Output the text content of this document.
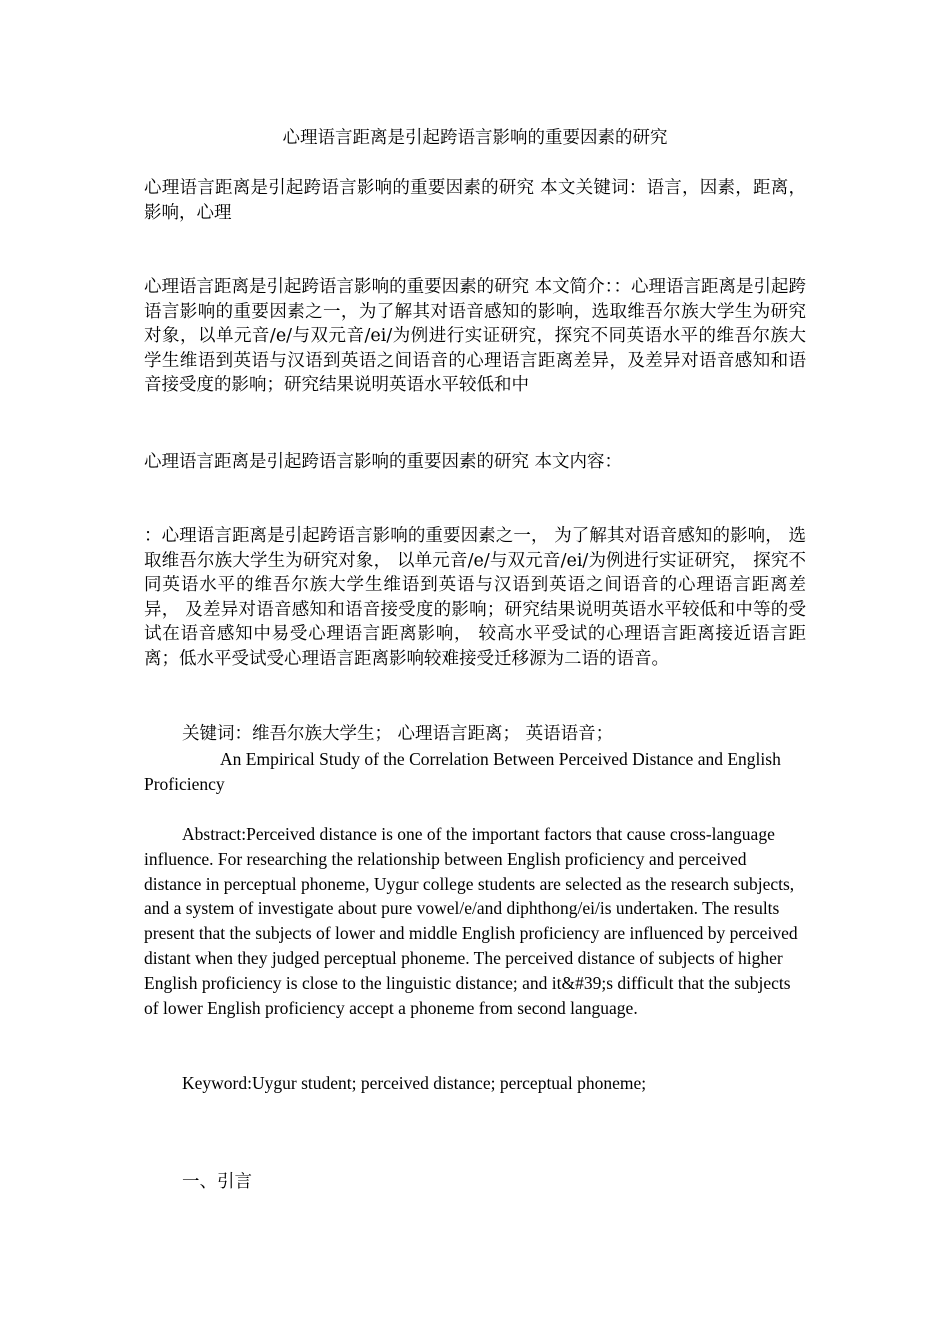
心理语言距离是引起跨语言影响的重要因素的研究

心理语言距离是引起跨语言影响的重要因素的研究 本文关键词：语言，因素，距离，影响，心理

心理语言距离是引起跨语言影响的重要因素的研究 本文简介：：心理语言距离是引起跨语言影响的重要因素之一，为了解其对语音感知的影响，选取维吾尔族大学生为研究对象，以单元音/e/与双元音/ei/为例进行实证研究，探究不同英语水平的维吾尔族大学生维语到英语与汉语到英语之间语音的心理语言距离差异，及差异对语音感知和语音接受度的影响；研究结果说明英语水平较低和中

心理语言距离是引起跨语言影响的重要因素的研究 本文内容：

：心理语言距离是引起跨语言影响的重要因素之一， 为了解其对语音感知的影响， 选取维吾尔族大学生为研究对象， 以单元音/e/与双元音/ei/为例进行实证研究， 探究不同英语水平的维吾尔族大学生维语到英语与汉语到英语之间语音的心理语言距离差异， 及差异对语音感知和语音接受度的影响；研究结果说明英语水平较低和中等的受试在语音感知中易受心理语言距离影响， 较高水平受试的心理语言距离接近语言距离；低水平受试受心理语言距离影响较难接受迁移源为二语的语音。

关键词：维吾尔族大学生； 心理语言距离； 英语语音；

An Empirical Study of the Correlation Between Perceived Distance and English Proficiency

Abstract:Perceived distance is one of the important factors that cause cross-language influence. For researching the relationship between English proficiency and perceived distance in perceptual phoneme, Uygur college students are selected as the research subjects, and a system of investigate about pure vowel/e/and diphthong/ei/is undertaken. The results present that the subjects of lower and middle English proficiency are influenced by perceived distant when they judged perceptual phoneme. The perceived distance of subjects of higher English proficiency is close to the linguistic distance; and it&#39;s difficult that the subjects of lower English proficiency accept a phoneme from second language.

Keyword:Uygur student; perceived distance; perceptual phoneme;

一、引言
